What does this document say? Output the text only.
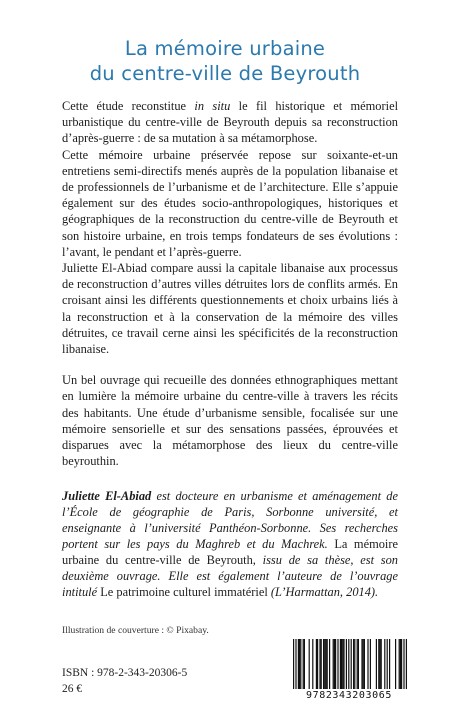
La mémoire urbaine
du centre-ville de Beyrouth

Cette étude reconstitue in situ le fil historique et mémoriel urbanistique du centre-ville de Beyrouth depuis sa reconstruction d’après-guerre : de sa mutation à sa métamorphose.

Cette mémoire urbaine préservée repose sur soixante-et-un entretiens semi-directifs menés auprès de la population libanaise et de professionnels de l’urbanisme et de l’architecture. Elle s’appuie également sur des études socio-anthropologiques, historiques et géographiques de la reconstruction du centre-ville de Beyrouth et son histoire urbaine, en trois temps fondateurs de ses évolutions : l’avant, le pendant et l’après-guerre.

Juliette El-Abiad compare aussi la capitale libanaise aux processus de reconstruction d’autres villes détruites lors de conflits armés. En croisant ainsi les différents questionnements et choix urbains liés à la reconstruction et à la conservation de la mémoire des villes détruites, ce travail cerne ainsi les spécificités de la reconstruction libanaise.

Un bel ouvrage qui recueille des données ethnographiques mettant en lumière la mémoire urbaine du centre-ville à travers les récits des habitants. Une étude d’urbanisme sensible, focalisée sur une mémoire sensorielle et sur des sensations passées, éprouvées et disparues avec la métamorphose des lieux du centre-ville beyrouthin.

Juliette El-Abiad est docteure en urbanisme et aménagement de l’École de géographie de Paris, Sorbonne université, et enseignante à l’université Panthéon-Sorbonne. Ses recherches portent sur les pays du Maghreb et du Machrek. La mémoire urbaine du centre-ville de Beyrouth, issu de sa thèse, est son deuxième ouvrage. Elle est également l’auteure de l’ouvrage intitulé Le patrimoine culturel immatériel (L’Harmattan, 2014).

Illustration de couverture : © Pixabay.
ISBN : 978-2-343-20306-5
26 €
9782343203065
